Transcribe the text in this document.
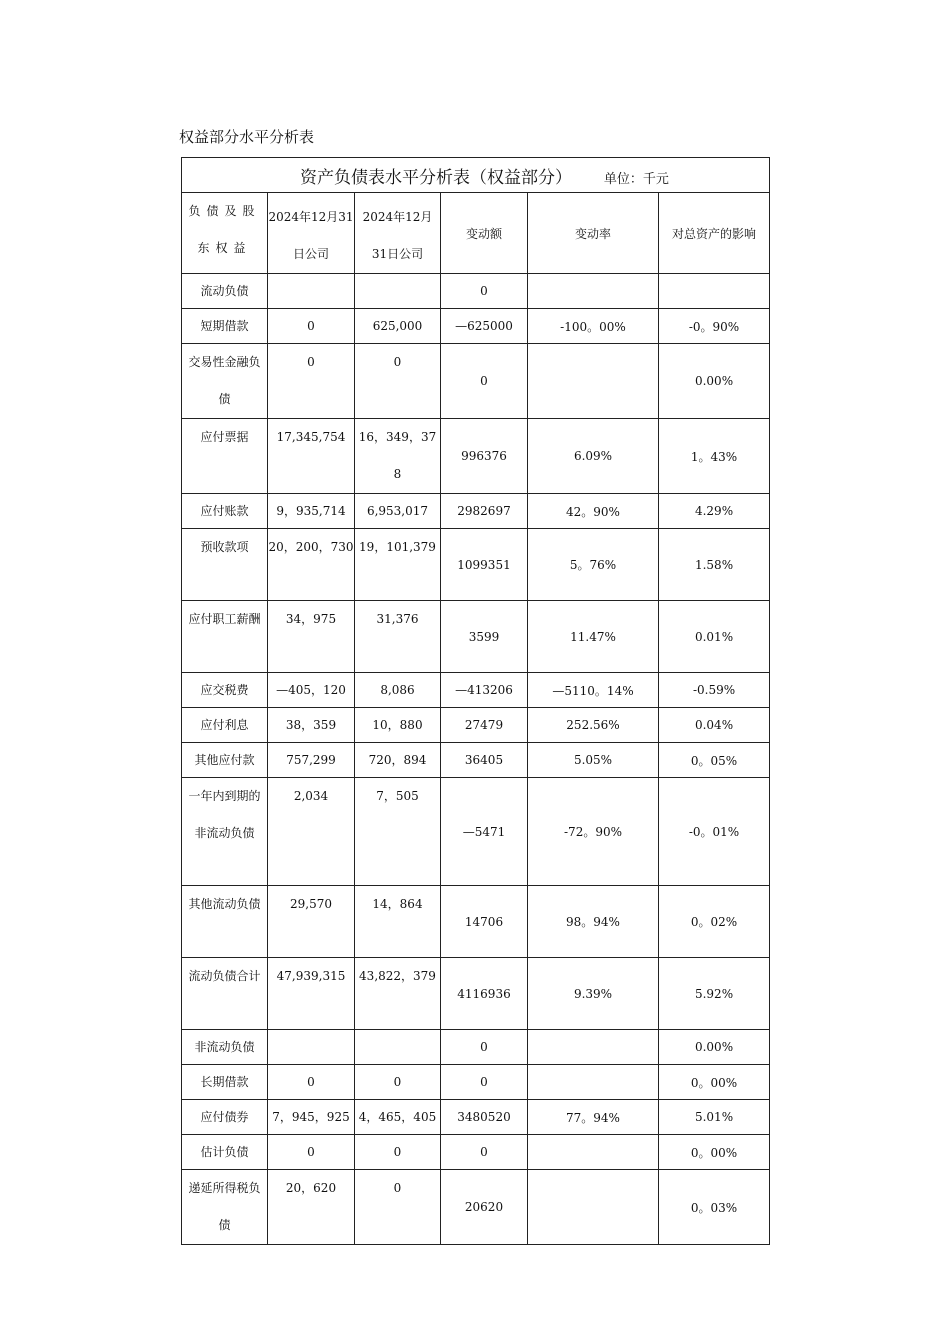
权益部分水平分析表
资产负债表水平分析表（权益部分） 单位：千元					
负债及股东权益	2024年12月31日公司	2024年12月31日公司	变动额	变动率	对总资产的影响
流动负债			0		
短期借款	0	625,000	—625000	-100。00%	-0。90%
交易性金融负债	0	0	0		0.00%
应付票据	17,345,754	16，349，378	996376	6.09%	1。43%
应付账款	9，935,714	6,953,017	2982697	42。90%	4.29%
预收款项	20，200，730	19，101,379	1099351	5。76%	1.58%
应付职工薪酬	34，975	31,376	3599	11.47%	0.01%
应交税费	—405，120	8,086	—413206	—5110。14%	-0.59%
应付利息	38，359	10，880	27479	252.56%	0.04%
其他应付款	757,299	720，894	36405	5.05%	0。05%
一年内到期的非流动负债	2,034	7，505	—5471	-72。90%	-0。01%
其他流动负债	29,570	14，864	14706	98。94%	0。02%
流动负债合计	47,939,315	43,822，379	4116936	9.39%	5.92%
非流动负债			0		0.00%
长期借款	0	0	0		0。00%
应付债券	7，945，925	4，465，405	3480520	77。94%	5.01%
估计负债	0	0	0		0。00%
递延所得税负债	20，620	0	20620		0。03%
